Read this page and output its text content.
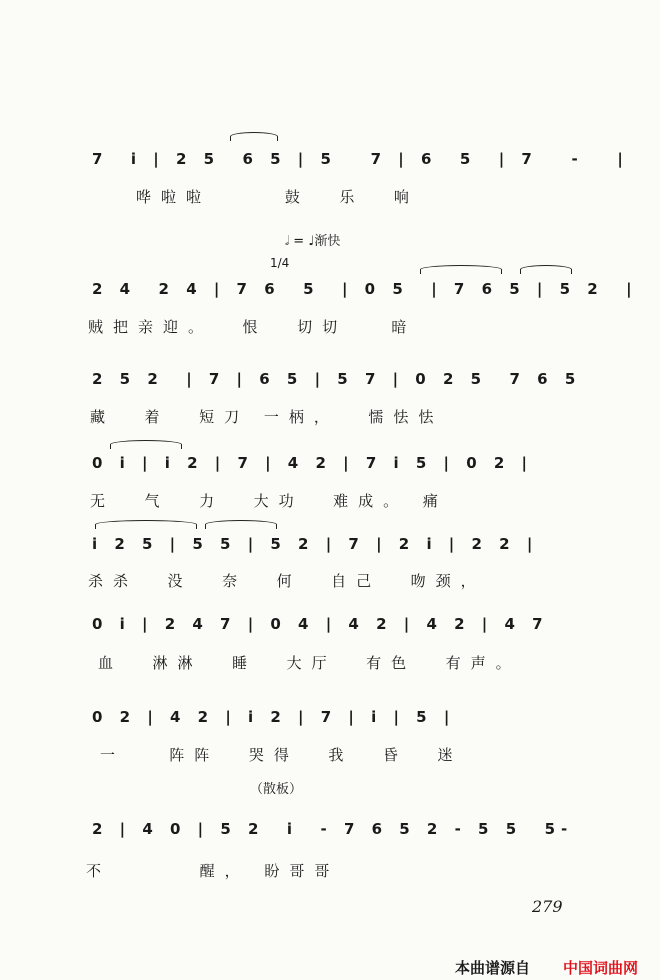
7  i | 2 5  6 5 | 5   7 | 6  5  | 7   -   |
哗啦啦     鼓  乐  响
𝅗𝅥 = ♩渐快
1/4
2 4  2 4 | 7 6  5  | 0 5  | 7 6 5 | 5 2  |
贼把亲迎。  恨  切切   暗
2 5 2  | 7 | 6 5 | 5 7 | 0 2 5  7 6 5
藏  着  短刀 一柄，  懦怯怯
0 i | i 2 | 7 | 4 2 | 7 i 5 | 0 2 |
无  气  力  大功  难成。 痛
i 2 5 | 5 5 | 5 2 | 7 | 2 i | 2 2 |
杀杀  没  奈  何  自己  吻颈，
0 i | 2 4 7 | 0 4 | 4 2 | 4 2 | 4 7
血  淋淋  睡  大厅  有色  有声。
0 2 | 4 2 | i 2 | 7 | i | 5 |
一   阵阵  哭得  我  昏  迷
（散板）
2 | 4 0 | 5 2  i  - 7 6 5 2 - 5 5  5-
不      醒， 盼哥哥
279
本曲谱源自 中国词曲网
